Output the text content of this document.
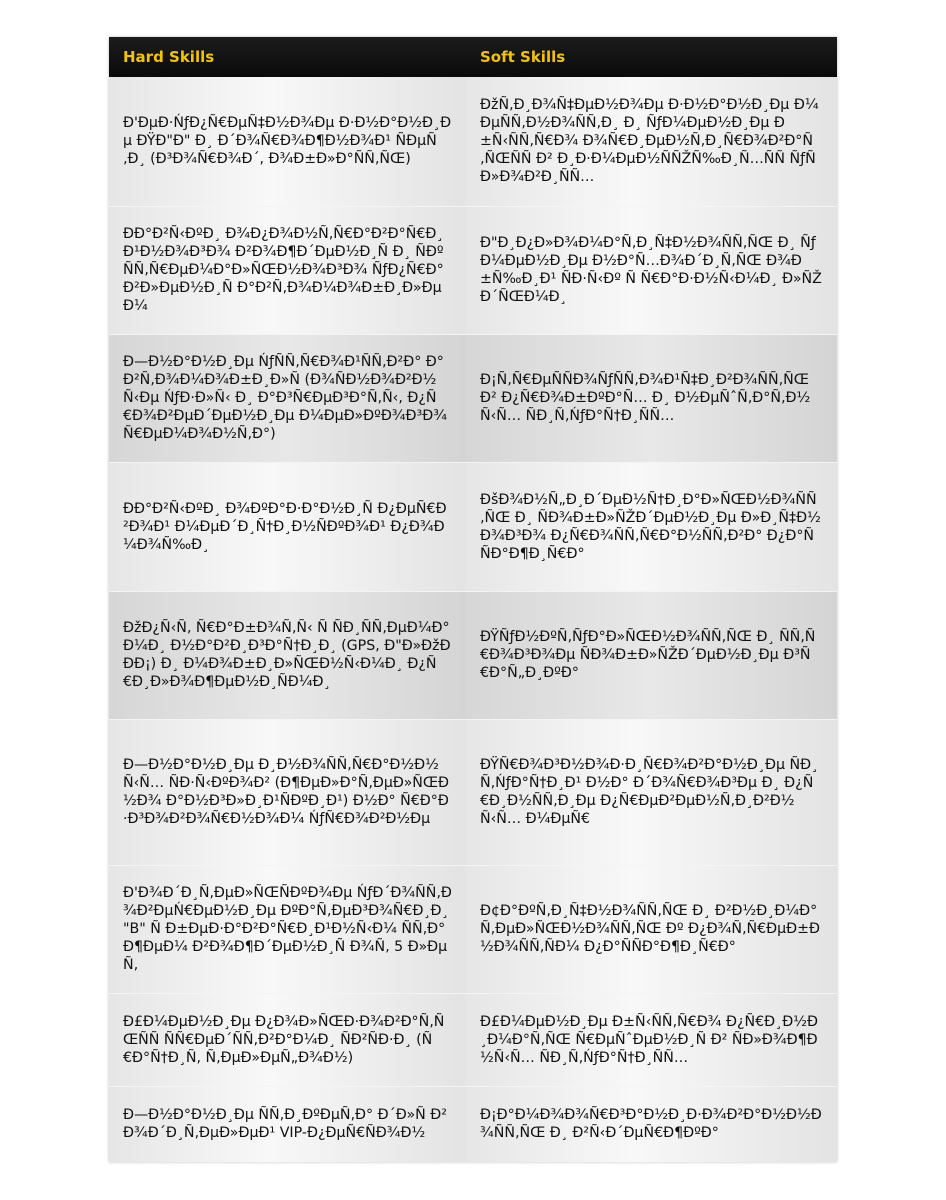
Hard Skills	Soft Skills
Đ'ĐµĐ·ŃƒĐ¿Ñ€ĐµÑ‡Đ½Đ¾Đµ Đ·Đ½Đ°Đ½Đ¸Đµ ĐŸĐ"Đ" Đ¸ Đ´Đ¾Ñ€Đ¾Đ¶Đ½Đ¾Đ¹ ÑĐµÑ‚Đ¸ (Đ³Đ¾Ñ€Đ¾Đ´, Đ¾Đ±Đ»Đ°ÑÑ‚ÑŒ)	ĐžÑ‚Đ¸Đ¾Ñ‡ĐµĐ½Đ¾Đµ Đ·Đ½Đ°Đ½Đ¸Đµ Đ¼ĐµÑÑ‚Đ½Đ¾ÑÑ‚Đ¸ Đ¸ ÑƒĐ¼ĐµĐ½Đ¸Đµ Đ±Ñ‹ÑÑ‚Ñ€Đ¾ Đ¾Ñ€Đ¸ĐµĐ½Ñ‚Đ¸Ñ€Đ¾Đ²Đ°Ñ‚ÑŒÑÑ Đ² Đ¸Đ·Đ¼ĐµĐ½ÑÑŽÑ‰Đ¸Ñ…ÑÑ ÑƒÑĐ»Đ¾Đ²Đ¸ÑÑ…
ĐĐ°Đ²Ñ‹ĐºĐ¸ Đ¾Đ¿Đ¾Đ½Ñ‚Ñ€Đ°Đ²Đ°Ñ€Đ¸Đ¹Đ½Đ¾Đ³Đ¾ Đ²Đ¾Đ¶Đ´ĐµĐ½Đ¸Ñ Đ¸ ÑĐºÑÑ‚Ñ€ĐµĐ¼Đ°Đ»ÑŒĐ½Đ¾Đ³Đ¾ ÑƒĐ¿Ñ€Đ°Đ²Đ»ĐµĐ½Đ¸Ñ Đ°Đ²Ñ‚Đ¾Đ¼Đ¾Đ±Đ¸Đ»ĐµĐ¼	Đ"Đ¸Đ¿Đ»Đ¾Đ¼Đ°Ñ‚Đ¸Ñ‡Đ½Đ¾ÑÑ‚ÑŒ Đ¸ ÑƒĐ¼ĐµĐ½Đ¸Đµ Đ½Đ°Ñ…Đ¾Đ´Đ¸Ñ‚ÑŒ Đ¾Đ±Ñ‰Đ¸Đ¹ ÑĐ·Ñ‹Đº Ñ Ñ€Đ°Đ·Đ½Ñ‹Đ¼Đ¸ Đ»ÑŽĐ´ÑŒĐ¼Đ¸
Đ—Đ½Đ°Đ½Đ¸Đµ ŃƒÑÑ‚Ñ€Đ¾Đ¹ÑÑ‚Đ²Đ° Đ°Đ²Ñ‚Đ¾Đ¼Đ¾Đ±Đ¸Đ»Ñ (Đ¾ÑĐ½Đ¾Đ²Đ½Ñ‹Đµ ŃƒĐ·Đ»Ñ‹ Đ¸ Đ°Đ³Ñ€ĐµĐ³Đ°Ñ‚Ñ‹, Đ¿Ñ€Đ¾Đ²ĐµĐ´ĐµĐ½Đ¸Đµ Đ¼ĐµĐ»ĐºĐ¾Đ³Đ¾ Ñ€ĐµĐ¼Đ¾Đ½Ñ‚Đ°)	Đ¡Ñ‚Ñ€ĐµÑÑĐ¾ÑƒÑÑ‚Đ¾Đ¹Ñ‡Đ¸Đ²Đ¾ÑÑ‚ÑŒ Đ² Đ¿Ñ€Đ¾Đ±ĐºĐ°Ñ… Đ¸ Đ½ĐµÑˆÑ‚Đ°Ñ‚Đ½Ñ‹Ñ… ÑĐ¸Ñ‚ŃƒĐ°Ñ†Đ¸ÑÑ…
ĐĐ°Đ²Ñ‹ĐºĐ¸ Đ¾ĐºĐ°Đ·Đ°Đ½Đ¸Ñ Đ¿ĐµÑ€Đ²Đ¾Đ¹ Đ¼ĐµĐ´Đ¸Ñ†Đ¸Đ½ÑĐºĐ¾Đ¹ Đ¿Đ¾Đ¼Đ¾Ñ‰Đ¸	ĐšĐ¾Đ½Ñ„Đ¸Đ´ĐµĐ½Ñ†Đ¸Đ°Đ»ÑŒĐ½Đ¾ÑÑ‚ÑŒ Đ¸ ÑĐ¾Đ±Đ»ÑŽĐ´ĐµĐ½Đ¸Đµ Đ»Đ¸Ñ‡Đ½Đ¾Đ³Đ¾ Đ¿Ñ€Đ¾ÑÑ‚Ñ€Đ°Đ½ÑÑ‚Đ²Đ° Đ¿Đ°ÑÑĐ°Đ¶Đ¸Ñ€Đ°
ĐžĐ¿Ñ‹Ñ‚ Ñ€Đ°Đ±Đ¾Ñ‚Ñ‹ Ñ ÑĐ¸ÑÑ‚ĐµĐ¼Đ°Đ¼Đ¸ Đ½Đ°Đ²Đ¸Đ³Đ°Ñ†Đ¸Đ¸ (GPS, Đ"Đ»ĐžĐĐĐ¡) Đ¸ Đ¼Đ¾Đ±Đ¸Đ»ÑŒĐ½Ñ‹Đ¼Đ¸ Đ¿Ñ€Đ¸Đ»Đ¾Đ¶ĐµĐ½Đ¸ÑĐ¼Đ¸	ĐŸÑƒĐ½ĐºÑ‚ÑƒĐ°Đ»ÑŒĐ½Đ¾ÑÑ‚ÑŒ Đ¸ ÑÑ‚Ñ€Đ¾Đ³Đ¾Đµ ÑĐ¾Đ±Đ»ÑŽĐ´ĐµĐ½Đ¸Đµ Đ³Ñ€Đ°Ñ„Đ¸ĐºĐ°
Đ—Đ½Đ°Đ½Đ¸Đµ Đ¸Đ½Đ¾ÑÑ‚Ñ€Đ°Đ½Đ½Ñ‹Ñ… ÑĐ·Ñ‹ĐºĐ¾Đ² (Đ¶ĐµĐ»Đ°Ñ‚ĐµĐ»ÑŒĐ½Đ¾ Đ°Đ½Đ³Đ»Đ¸Đ¹ÑĐºĐ¸Đ¹) Đ½Đ° Ñ€Đ°Đ·Đ³Đ¾Đ²Đ¾Ñ€Đ½Đ¾Đ¼ ŃƒÑ€Đ¾Đ²Đ½Đµ	ĐŸÑ€Đ¾Đ³Đ½Đ¾Đ·Đ¸Ñ€Đ¾Đ²Đ°Đ½Đ¸Đµ ÑĐ¸Ñ‚ŃƒĐ°Ñ†Đ¸Đ¹ Đ½Đ° Đ´Đ¾Ñ€Đ¾Đ³Đµ Đ¸ Đ¿Ñ€Đ¸Đ½ÑÑ‚Đ¸Đµ Đ¿Ñ€ĐµĐ²ĐµĐ½Ñ‚Đ¸Đ²Đ½Ñ‹Ñ… Đ¼ĐµÑ€
Đ'Đ¾Đ´Đ¸Ñ‚ĐµĐ»ÑŒÑĐºĐ¾Đµ ŃƒĐ´Đ¾ÑÑ‚Đ¾Đ²ĐµŃ€ĐµĐ½Đ¸Đµ ĐºĐ°Ñ‚ĐµĐ³Đ¾Ñ€Đ¸Đ¸ "B" Ñ Đ±ĐµĐ·Đ°Đ²Đ°Ñ€Đ¸Đ¹Đ½Ñ‹Đ¼ ÑÑ‚Đ°Đ¶ĐµĐ¼ Đ²Đ¾Đ¶Đ´ĐµĐ½Đ¸Ñ Đ¾Ñ‚ 5 Đ»ĐµÑ‚	Đ¢Đ°ĐºÑ‚Đ¸Ñ‡Đ½Đ¾ÑÑ‚ÑŒ Đ¸ Đ²Đ½Đ¸Đ¼Đ°Ñ‚ĐµĐ»ÑŒĐ½Đ¾ÑÑ‚ÑŒ Đº Đ¿Đ¾Ñ‚Ñ€ĐµĐ±Đ½Đ¾ÑÑ‚ÑÐ¼ Đ¿Đ°ÑÑĐ°Đ¶Đ¸Ñ€Đ°
Đ£Đ¼ĐµĐ½Đ¸Đµ Đ¿Đ¾Đ»ÑŒĐ·Đ¾Đ²Đ°Ñ‚ÑŒÑÑ ÑÑ€ĐµĐ´ÑÑ‚Đ²Đ°Đ¼Đ¸ ÑĐ²ÑĐ·Đ¸ (Ñ€Đ°Ñ†Đ¸Ñ, Ñ‚ĐµĐ»ĐµÑ„Đ¾Đ½)	Đ£Đ¼ĐµĐ½Đ¸Đµ Đ±Ñ‹ÑÑ‚Ñ€Đ¾ Đ¿Ñ€Đ¸Đ½Đ¸Đ¼Đ°Ñ‚ÑŒ Ñ€ĐµÑˆĐµĐ½Đ¸Ñ Đ² ÑĐ»Đ¾Đ¶Đ½Ñ‹Ñ… ÑĐ¸Ñ‚ŃƒĐ°Ñ†Đ¸ÑÑ…
Đ—Đ½Đ°Đ½Đ¸Đµ ÑÑ‚Đ¸ĐºĐµÑ‚Đ° Đ´Đ»Ñ Đ²Đ¾Đ´Đ¸Ñ‚ĐµĐ»ĐµĐ¹ VIP-Đ¿ĐµÑ€ÑĐ¾Đ½	Đ¡Đ°Đ¼Đ¾Đ¾Ñ€Đ³Đ°Đ½Đ¸Đ·Đ¾Đ²Đ°Đ½Đ½Đ¾ÑÑ‚ÑŒ Đ¸ Đ²Ñ‹Đ´ĐµÑ€Đ¶ĐºĐ°
